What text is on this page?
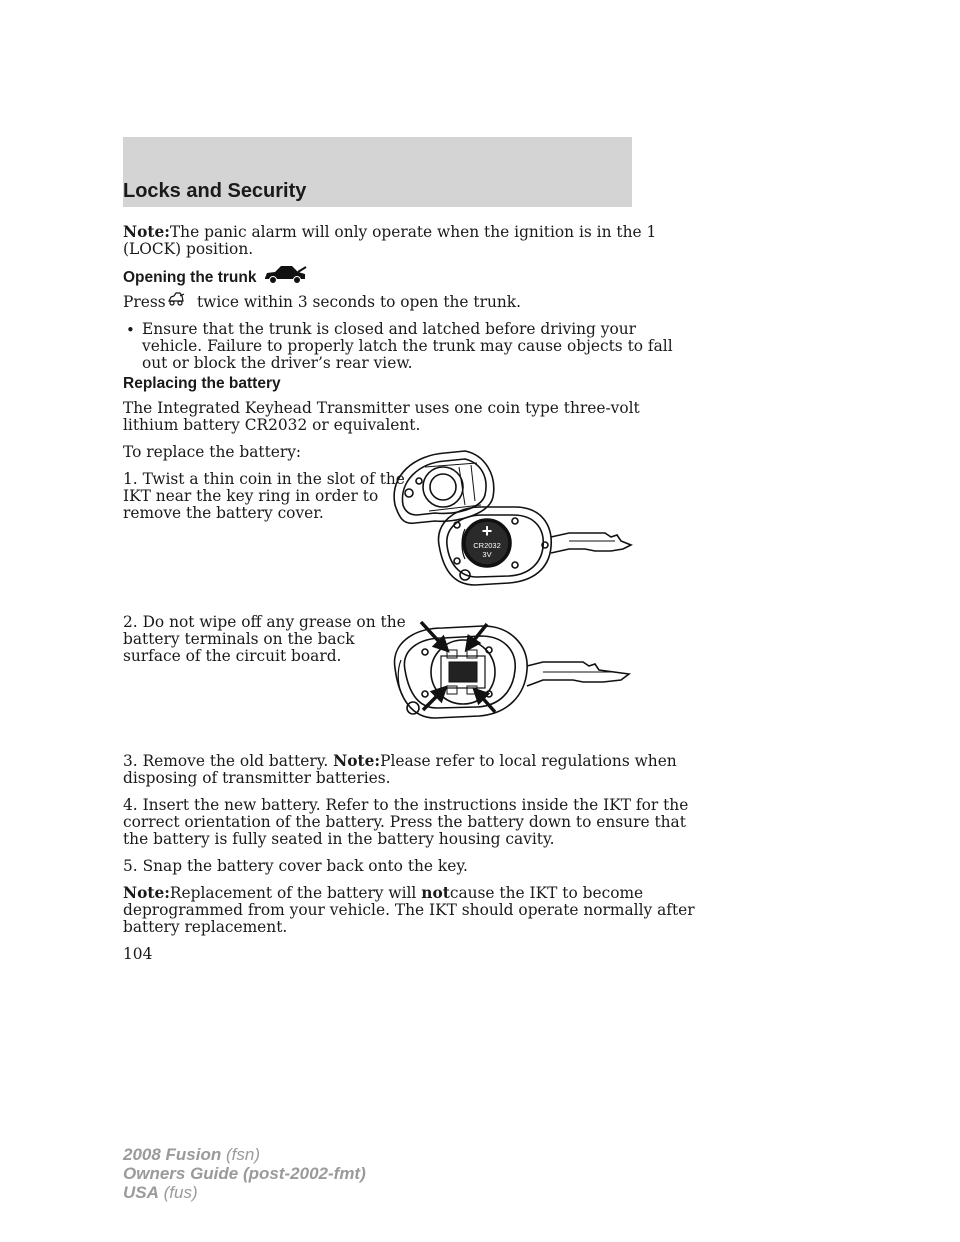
Locks and Security
Note:The panic alarm will only operate when the ignition is in the 1
(LOCK) position.
Opening the trunk
Press twice within 3 seconds to open the trunk.
• Ensure that the trunk is closed and latched before driving your
vehicle. Failure to properly latch the trunk may cause objects to fall
out or block the driver’s rear view.
Replacing the battery
The Integrated Keyhead Transmitter uses one coin type three-volt
lithium battery CR2032 or equivalent.
To replace the battery:
1. Twist a thin coin in the slot of the
IKT near the key ring in order to
remove the battery cover.
+
CR2032
3V
2. Do not wipe off any grease on the
battery terminals on the back
surface of the circuit board.
3. Remove the old battery. Note:Please refer to local regulations when
disposing of transmitter batteries.
4. Insert the new battery. Refer to the instructions inside the IKT for the
correct orientation of the battery. Press the battery down to ensure that
the battery is fully seated in the battery housing cavity.
5. Snap the battery cover back onto the key.
Note:Replacement of the battery will notcause the IKT to become
deprogrammed from your vehicle. The IKT should operate normally after
battery replacement.
104
2008 Fusion (fsn)
Owners Guide (post-2002-fmt)
USA (fus)
